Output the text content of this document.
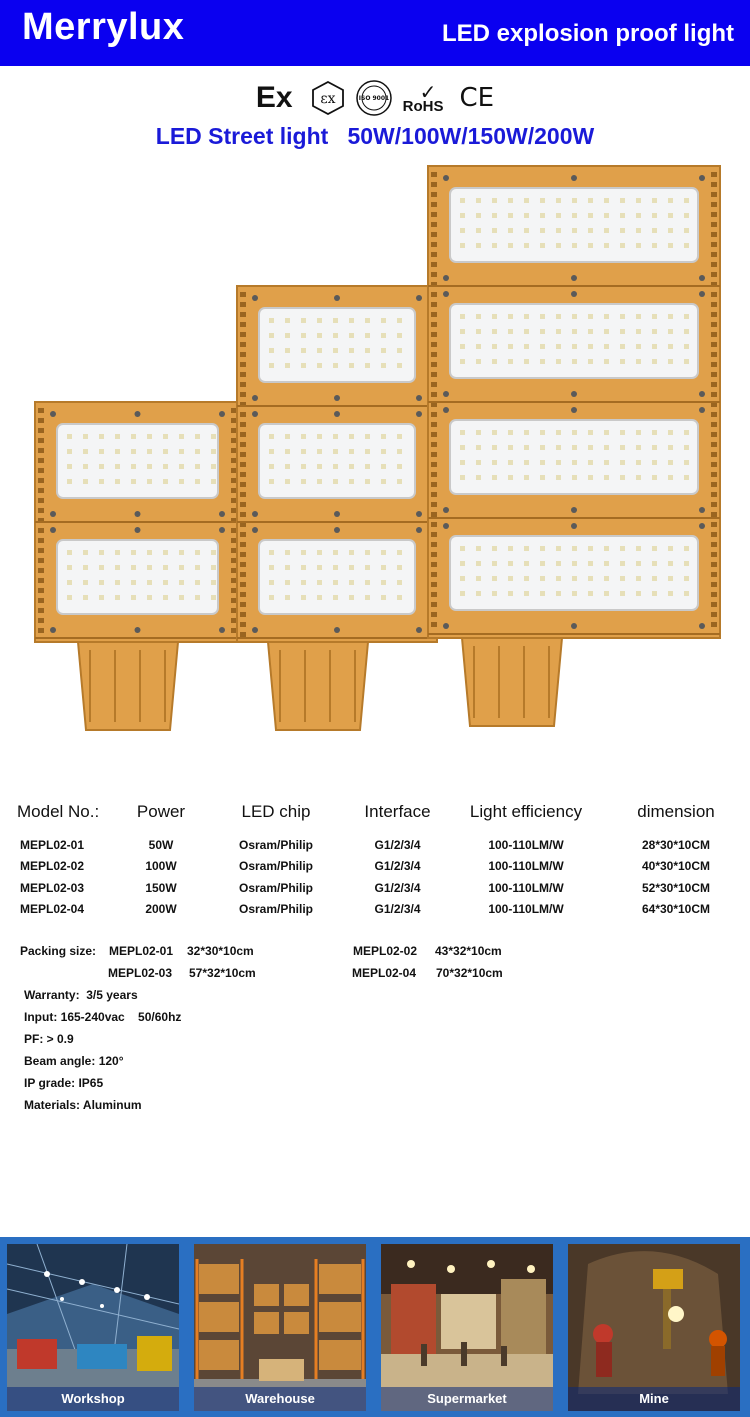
Merrylux	LED explosion proof light
Ex εx	ISO 9001 ✓
RoHS CE
LED Street light   50W/100W/150W/200W
Model No.:	Power	LED chip	Interface	Light efficiency	dimension
MEPL02-01	50W	Osram/Philip	G1/2/3/4	100-110LM/W	28*30*10CM
MEPL02-02	100W	Osram/Philip	G1/2/3/4	100-110LM/W	40*30*10CM
MEPL02-03	150W	Osram/Philip	G1/2/3/4	100-110LM/W	52*30*10CM
MEPL02-04	200W	Osram/Philip	G1/2/3/4	100-110LM/W	64*30*10CM
Packing size: MEPL02-01 32*30*10cm	MEPL02-02 43*32*10cm
MEPL02-03 57*32*10cm	MEPL02-04 70*32*10cm
Warranty:  3/5 years
Input: 165-240vac    50/60hz
PF: > 0.9
Beam angle: 120°
IP grade: IP65
Materials: Aluminum
Workshop	Warehouse	Supermarket	Mine
